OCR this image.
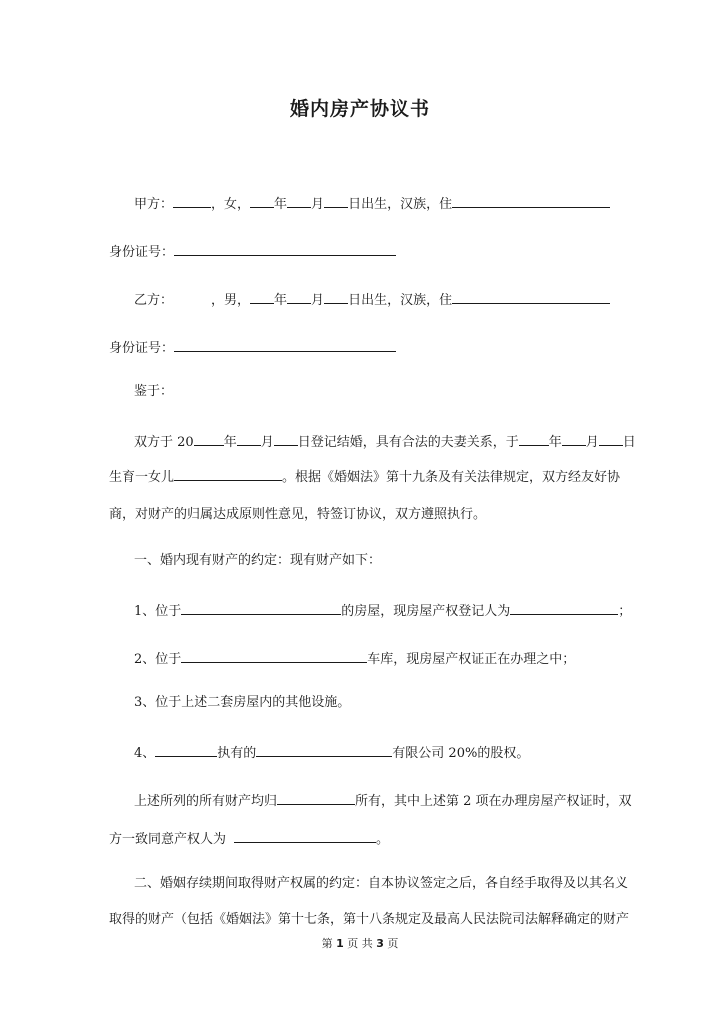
婚内房产协议书
甲方：	，女， 年 月 日出生，汉族，住
身份证号：
乙方：	，男， 年 月 日出生，汉族，住
身份证号：
鉴于：
双方于 20 年 月 日登记结婚，具有合法的夫妻关系，于 年 月 日
生育一女儿	。根据《婚姻法》第十九条及有关法律规定，双方经友好协
商，对财产的归属达成原则性意见，特签订协议，双方遵照执行。
一、婚内现有财产的约定：现有财产如下：
1、位于	的房屋，现房屋产权登记人为	；
2、位于	车库，现房屋产权证正在办理之中；
3、位于上述二套房屋内的其他设施。
4、	执有的	有限公司 20%的股权。
上述所列的所有财产均归	所有，其中上述第 2 项在办理房屋产权证时，双
方一致同意产权人为	。
二、婚姻存续期间取得财产权属的约定：自本协议签定之后，各自经手取得及以其名义
取得的财产（包括《婚姻法》第十七条，第十八条规定及最高人民法院司法解释确定的财产
第 1 页 共 3 页
